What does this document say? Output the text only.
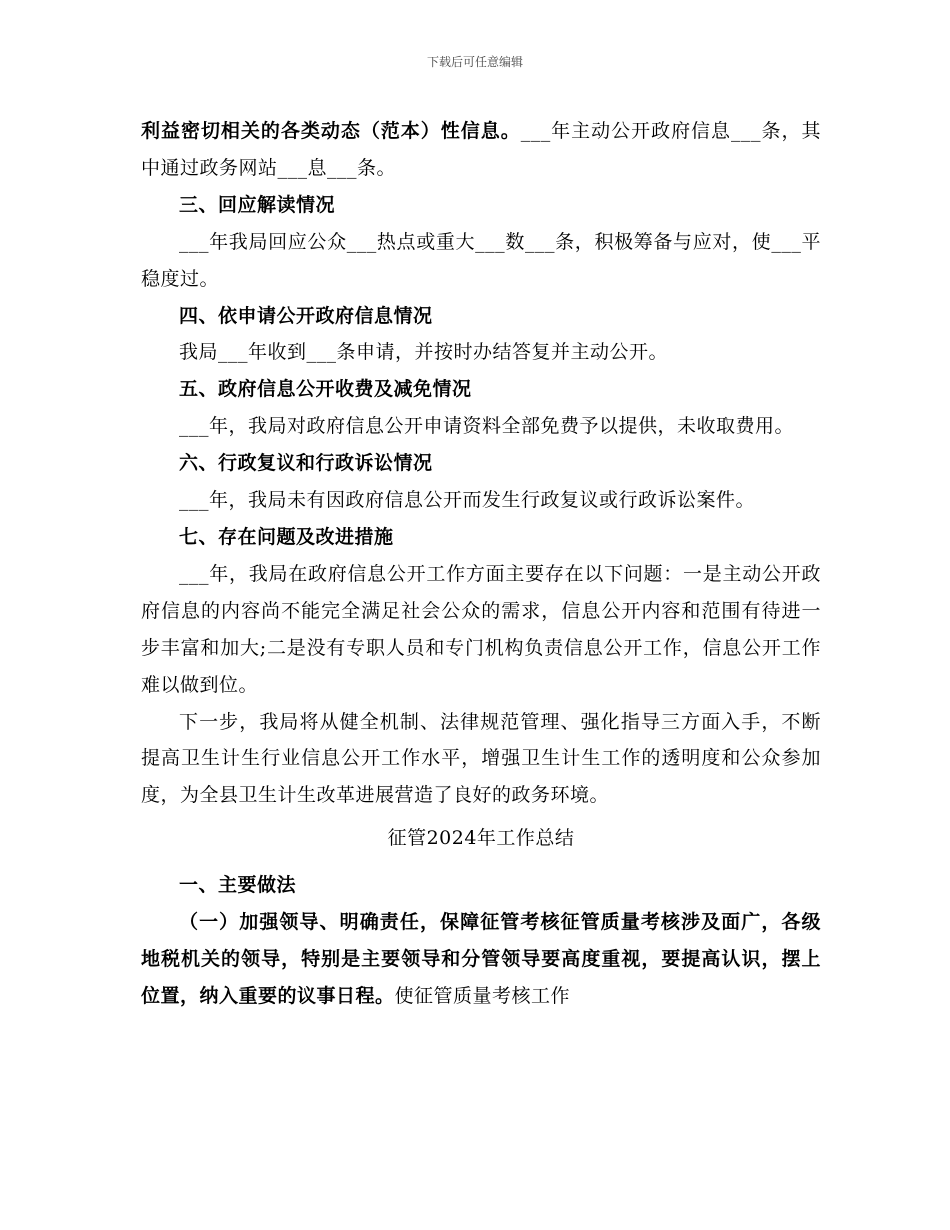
下载后可任意编辑

利益密切相关的各类动态（范本）性信息。___年主动公开政府信息___条，其中通过政务网站___息___条。

三、回应解读情况

___年我局回应公众___热点或重大___数___条，积极筹备与应对，使___平稳度过。

四、依申请公开政府信息情况

我局___年收到___条申请，并按时办结答复并主动公开。

五、政府信息公开收费及减免情况

___年，我局对政府信息公开申请资料全部免费予以提供，未收取费用。

六、行政复议和行政诉讼情况

___年，我局未有因政府信息公开而发生行政复议或行政诉讼案件。

七、存在问题及改进措施

___年，我局在政府信息公开工作方面主要存在以下问题：一是主动公开政府信息的内容尚不能完全满足社会公众的需求，信息公开内容和范围有待进一步丰富和加大;二是没有专职人员和专门机构负责信息公开工作，信息公开工作难以做到位。

下一步，我局将从健全机制、法律规范管理、强化指导三方面入手，不断提高卫生计生行业信息公开工作水平，增强卫生计生工作的透明度和公众参加度，为全县卫生计生改革进展营造了良好的政务环境。

征管2024年工作总结

一、主要做法

（一）加强领导、明确责任，保障征管考核征管质量考核涉及面广，各级地税机关的领导，特别是主要领导和分管领导要高度重视，要提高认识，摆上位置，纳入重要的议事日程。使征管质量考核工作
